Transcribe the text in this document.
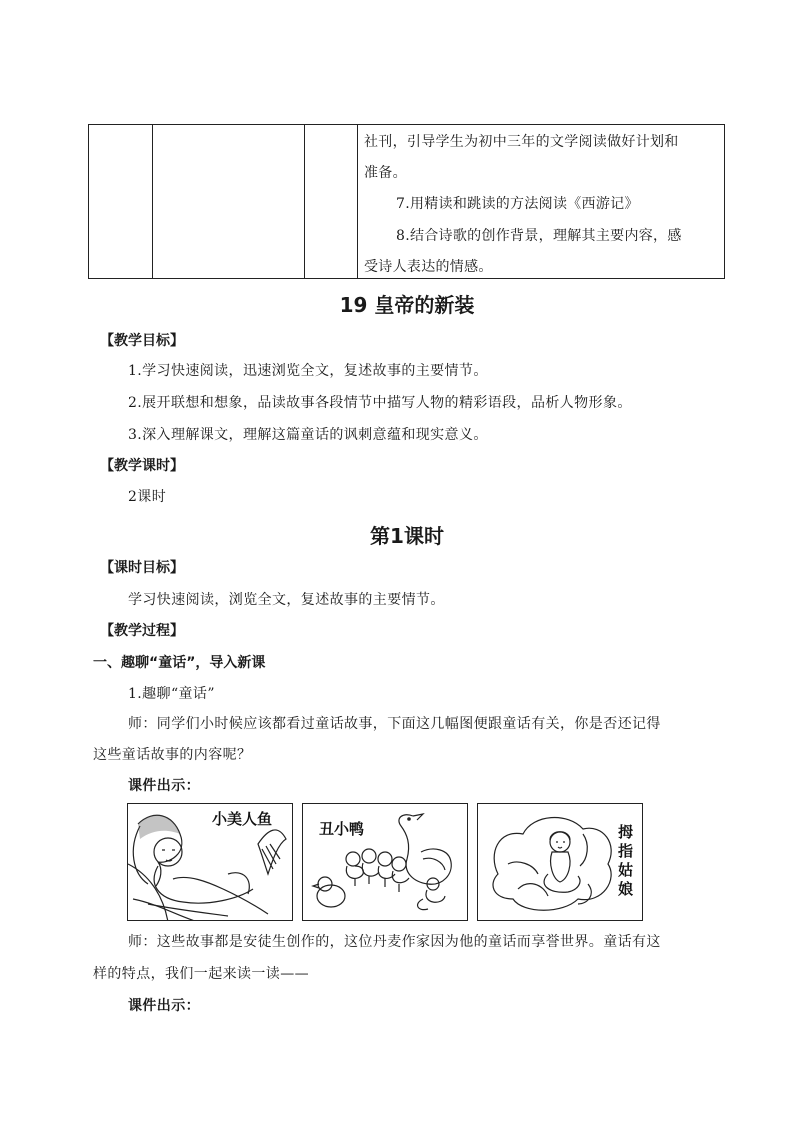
社刊，引导学生为初中三年的文学阅读做好计划和
准备。
7.用精读和跳读的方法阅读《西游记》
8.结合诗歌的创作背景，理解其主要内容，感
受诗人表达的情感。
19 皇帝的新装
【教学目标】
1.学习快速阅读，迅速浏览全文，复述故事的主要情节。
2.展开联想和想象，品读故事各段情节中描写人物的精彩语段，品析人物形象。
3.深入理解课文，理解这篇童话的讽刺意蕴和现实意义。
【教学课时】
2课时
第1课时
【课时目标】
学习快速阅读，浏览全文，复述故事的主要情节。
【教学过程】
一、趣聊“童话”，导入新课
1.趣聊“童话”
师：同学们小时候应该都看过童话故事，下面这几幅图便跟童话有关，你是否还记得
这些童话故事的内容呢？
课件出示：
小美人鱼
丑小鸭	拇指姑娘
师：这些故事都是安徒生创作的，这位丹麦作家因为他的童话而享誉世界。童话有这
样的特点，我们一起来读一读——
课件出示：
